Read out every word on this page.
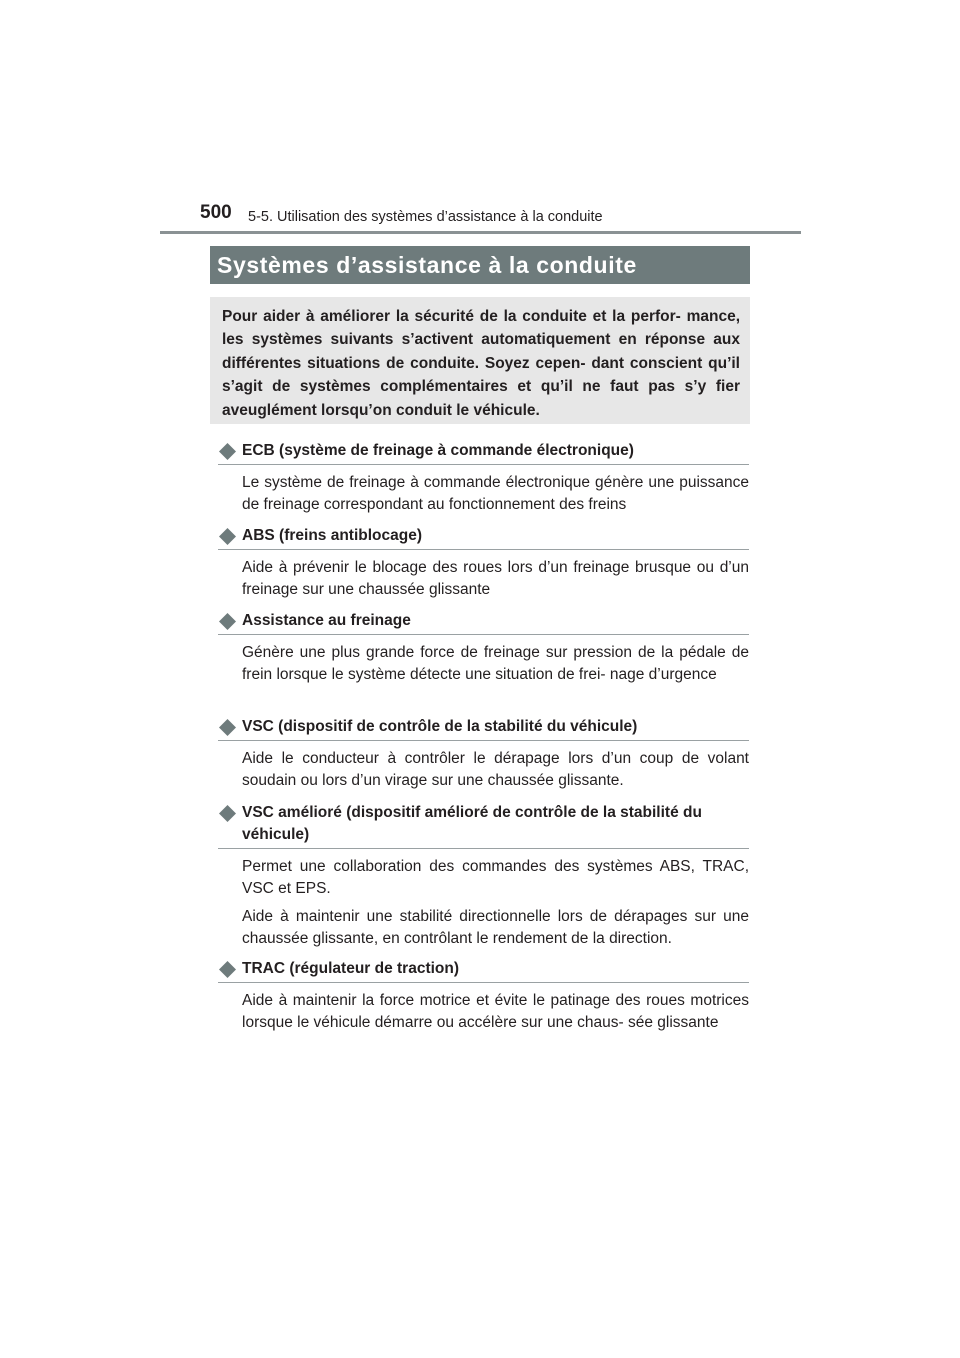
500 5-5. Utilisation des systèmes d’assistance à la conduite
Systèmes d’assistance à la conduite

Pour aider à améliorer la sécurité de la conduite et la perfor- mance, les systèmes suivants s’activent automatiquement en réponse aux différentes situations de conduite. Soyez cepen- dant conscient qu’il s’agit de systèmes complémentaires et qu’il ne faut pas s’y fier aveuglément lorsqu’on conduit le véhicule.

ECB (système de freinage à commande électronique)

Le système de freinage à commande électronique génère une puissance de freinage correspondant au fonctionnement des freins

ABS (freins antiblocage)

Aide à prévenir le blocage des roues lors d’un freinage brusque ou d’un freinage sur une chaussée glissante

Assistance au freinage

Génère une plus grande force de freinage sur pression de la pédale de frein lorsque le système détecte une situation de frei- nage d’urgence

VSC (dispositif de contrôle de la stabilité du véhicule)

Aide le conducteur à contrôler le dérapage lors d’un coup de volant soudain ou lors d’un virage sur une chaussée glissante.

VSC amélioré (dispositif amélioré de contrôle de la stabilité du véhicule)

Permet une collaboration des commandes des systèmes ABS, TRAC, VSC et EPS.

Aide à maintenir une stabilité directionnelle lors de dérapages sur une chaussée glissante, en contrôlant le rendement de la direction.

TRAC (régulateur de traction)

Aide à maintenir la force motrice et évite le patinage des roues motrices lorsque le véhicule démarre ou accélère sur une chaus- sée glissante
